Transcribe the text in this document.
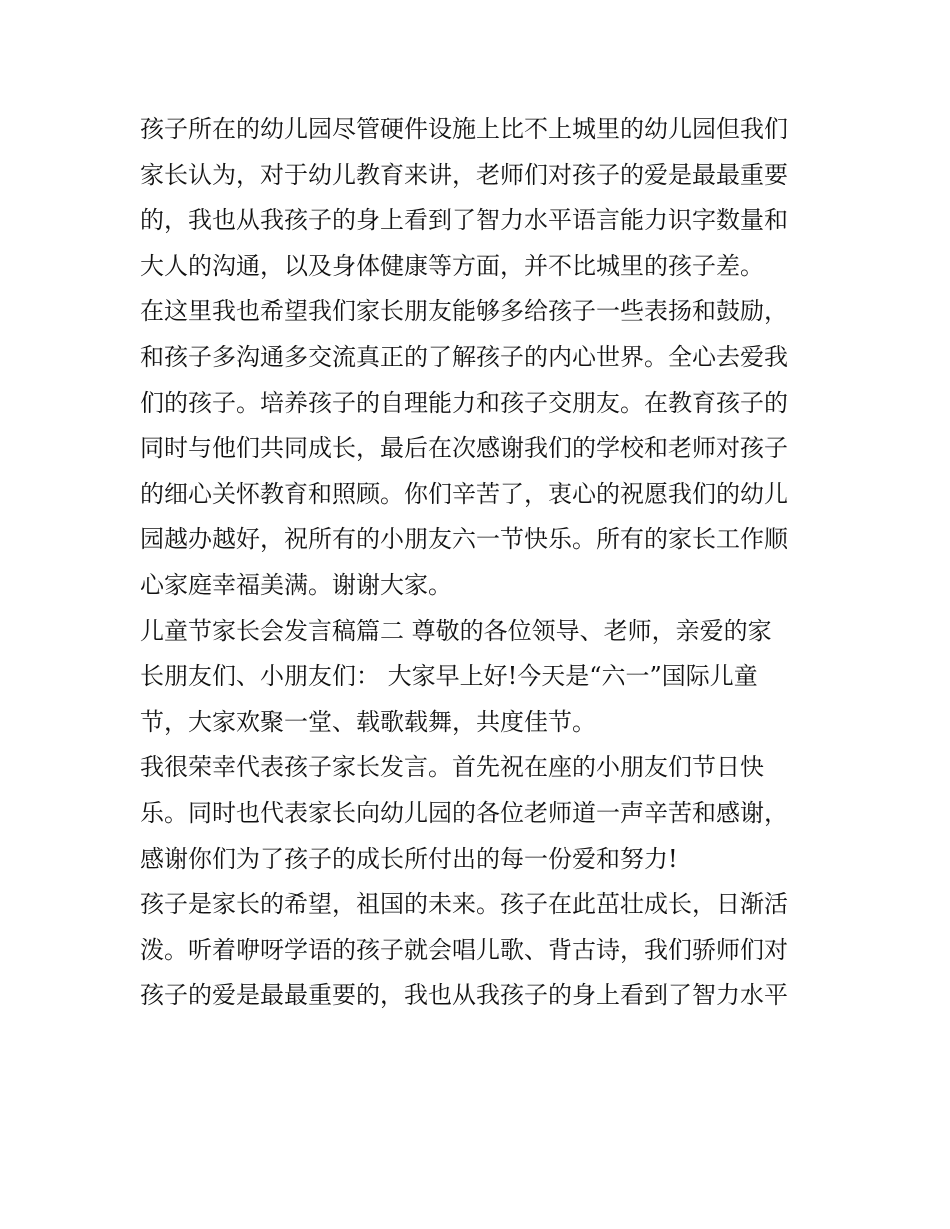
孩子所在的幼儿园尽管硬件设施上比不上城里的幼儿园但我们
家长认为，对于幼儿教育来讲，老师们对孩子的爱是最最重要
的，我也从我孩子的身上看到了智力水平语言能力识字数量和
大人的沟通，以及身体健康等方面，并不比城里的孩子差。
在这里我也希望我们家长朋友能够多给孩子一些表扬和鼓励，
和孩子多沟通多交流真正的了解孩子的内心世界。全心去爱我
们的孩子。培养孩子的自理能力和孩子交朋友。在教育孩子的
同时与他们共同成长，最后在次感谢我们的学校和老师对孩子
的细心关怀教育和照顾。你们辛苦了，衷心的祝愿我们的幼儿
园越办越好，祝所有的小朋友六一节快乐。所有的家长工作顺
心家庭幸福美满。谢谢大家。
儿童节家长会发言稿篇二 尊敬的各位领导、老师，亲爱的家
长朋友们、小朋友们： 大家早上好!今天是“六一”国际儿童
节，大家欢聚一堂、载歌载舞，共度佳节。
我很荣幸代表孩子家长发言。首先祝在座的小朋友们节日快
乐。同时也代表家长向幼儿园的各位老师道一声辛苦和感谢，
感谢你们为了孩子的成长所付出的每一份爱和努力!
孩子是家长的希望，祖国的未来。孩子在此茁壮成长，日渐活
泼。听着咿呀学语的孩子就会唱儿歌、背古诗，我们骄师们对
孩子的爱是最最重要的，我也从我孩子的身上看到了智力水平
